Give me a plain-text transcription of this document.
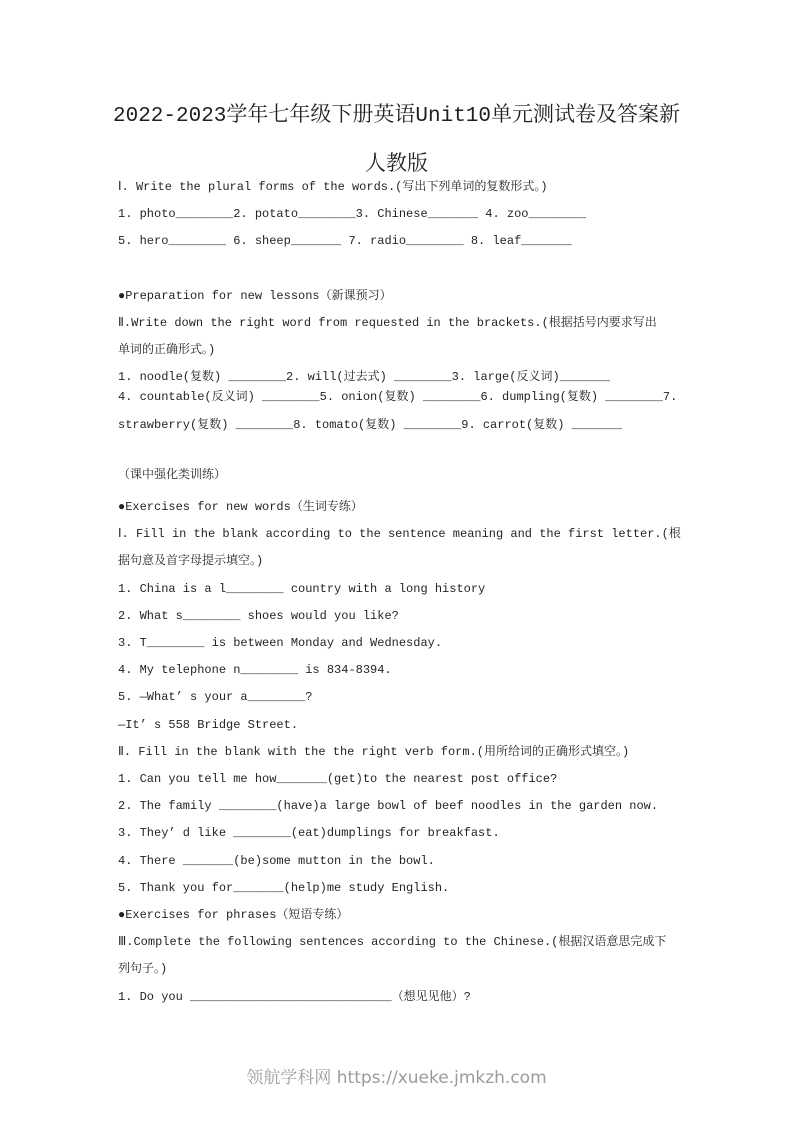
2022-2023学年七年级下册英语Unit10单元测试卷及答案新
人教版

Ⅰ. Write the plural forms of the words.(写出下列单词的复数形式。)

1. photo________2. potato________3. Chinese_______ 4. zoo________

5. hero________ 6. sheep_______ 7. radio________ 8. leaf_______

●Preparation for new lessons（新课预习）

Ⅱ.Write down the right word from requested in the brackets.(根据括号内要求写出

单词的正确形式。)

1. noodle(复数) ________2. will(过去式) ________3. large(反义词)_______

4. countable(反义词) ________5. onion(复数) ________6. dumpling(复数) ________7.

strawberry(复数) ________8. tomato(复数) ________9. carrot(复数) _______

（课中强化类训练）

●Exercises for new words（生词专练）

Ⅰ. Fill in the blank according to the sentence meaning and the first letter.(根

据句意及首字母提示填空。)

1. China is a l________ country with a long history

2. What s________ shoes would you like?

3. T________ is between Monday and Wednesday.

4. My telephone n________ is 834-8394.

5. —What’ s your a________?

—It’ s 558 Bridge Street.

Ⅱ. Fill in the blank with the the right verb form.(用所给词的正确形式填空。)

1. Can you tell me how_______(get)to the nearest post office?

2. The family ________(have)a large bowl of beef noodles in the garden now.

3. They’ d like ________(eat)dumplings for breakfast.

4. There _______(be)some mutton in the bowl.

5. Thank you for_______(help)me study English.

●Exercises for phrases（短语专练）

Ⅲ.Complete the following sentences according to the Chinese.(根据汉语意思完成下

列句子。)

1. Do you ____________________________（想见见他）?

领航学科网 https://xueke.jmkzh.com
